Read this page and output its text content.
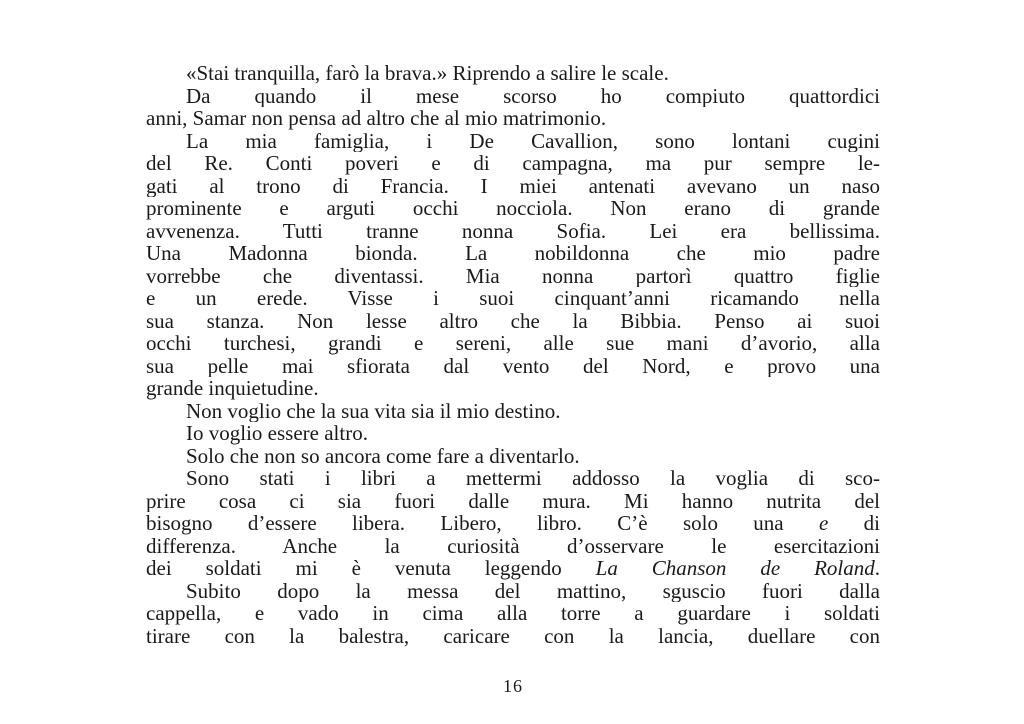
«Stai tranquilla, farò la brava.» Riprendo a salire le scale.
Da quando il mese scorso ho compiuto quattordici
anni, Samar non pensa ad altro che al mio matrimonio.
La mia famiglia, i De Cavallion, sono lontani cugini
del Re. Conti poveri e di campagna, ma pur sempre le-
gati al trono di Francia. I miei antenati avevano un naso
prominente e arguti occhi nocciola. Non erano di grande
avvenenza. Tutti tranne nonna Sofia. Lei era bellissima.
Una Madonna bionda. La nobildonna che mio padre
vorrebbe che diventassi. Mia nonna partorì quattro figlie
e un erede. Visse i suoi cinquant’anni ricamando nella
sua stanza. Non lesse altro che la Bibbia. Penso ai suoi
occhi turchesi, grandi e sereni, alle sue mani d’avorio, alla
sua pelle mai sfiorata dal vento del Nord, e provo una
grande inquietudine.
Non voglio che la sua vita sia il mio destino.
Io voglio essere altro.
Solo che non so ancora come fare a diventarlo.
Sono stati i libri a mettermi addosso la voglia di sco-
prire cosa ci sia fuori dalle mura. Mi hanno nutrita del
bisogno d’essere libera. Libero, libro. C’è solo una e di
differenza. Anche la curiosità d’osservare le esercitazioni
dei soldati mi è venuta leggendo La Chanson de Roland.
Subito dopo la messa del mattino, sguscio fuori dalla
cappella, e vado in cima alla torre a guardare i soldati
tirare con la balestra, caricare con la lancia, duellare con
16
